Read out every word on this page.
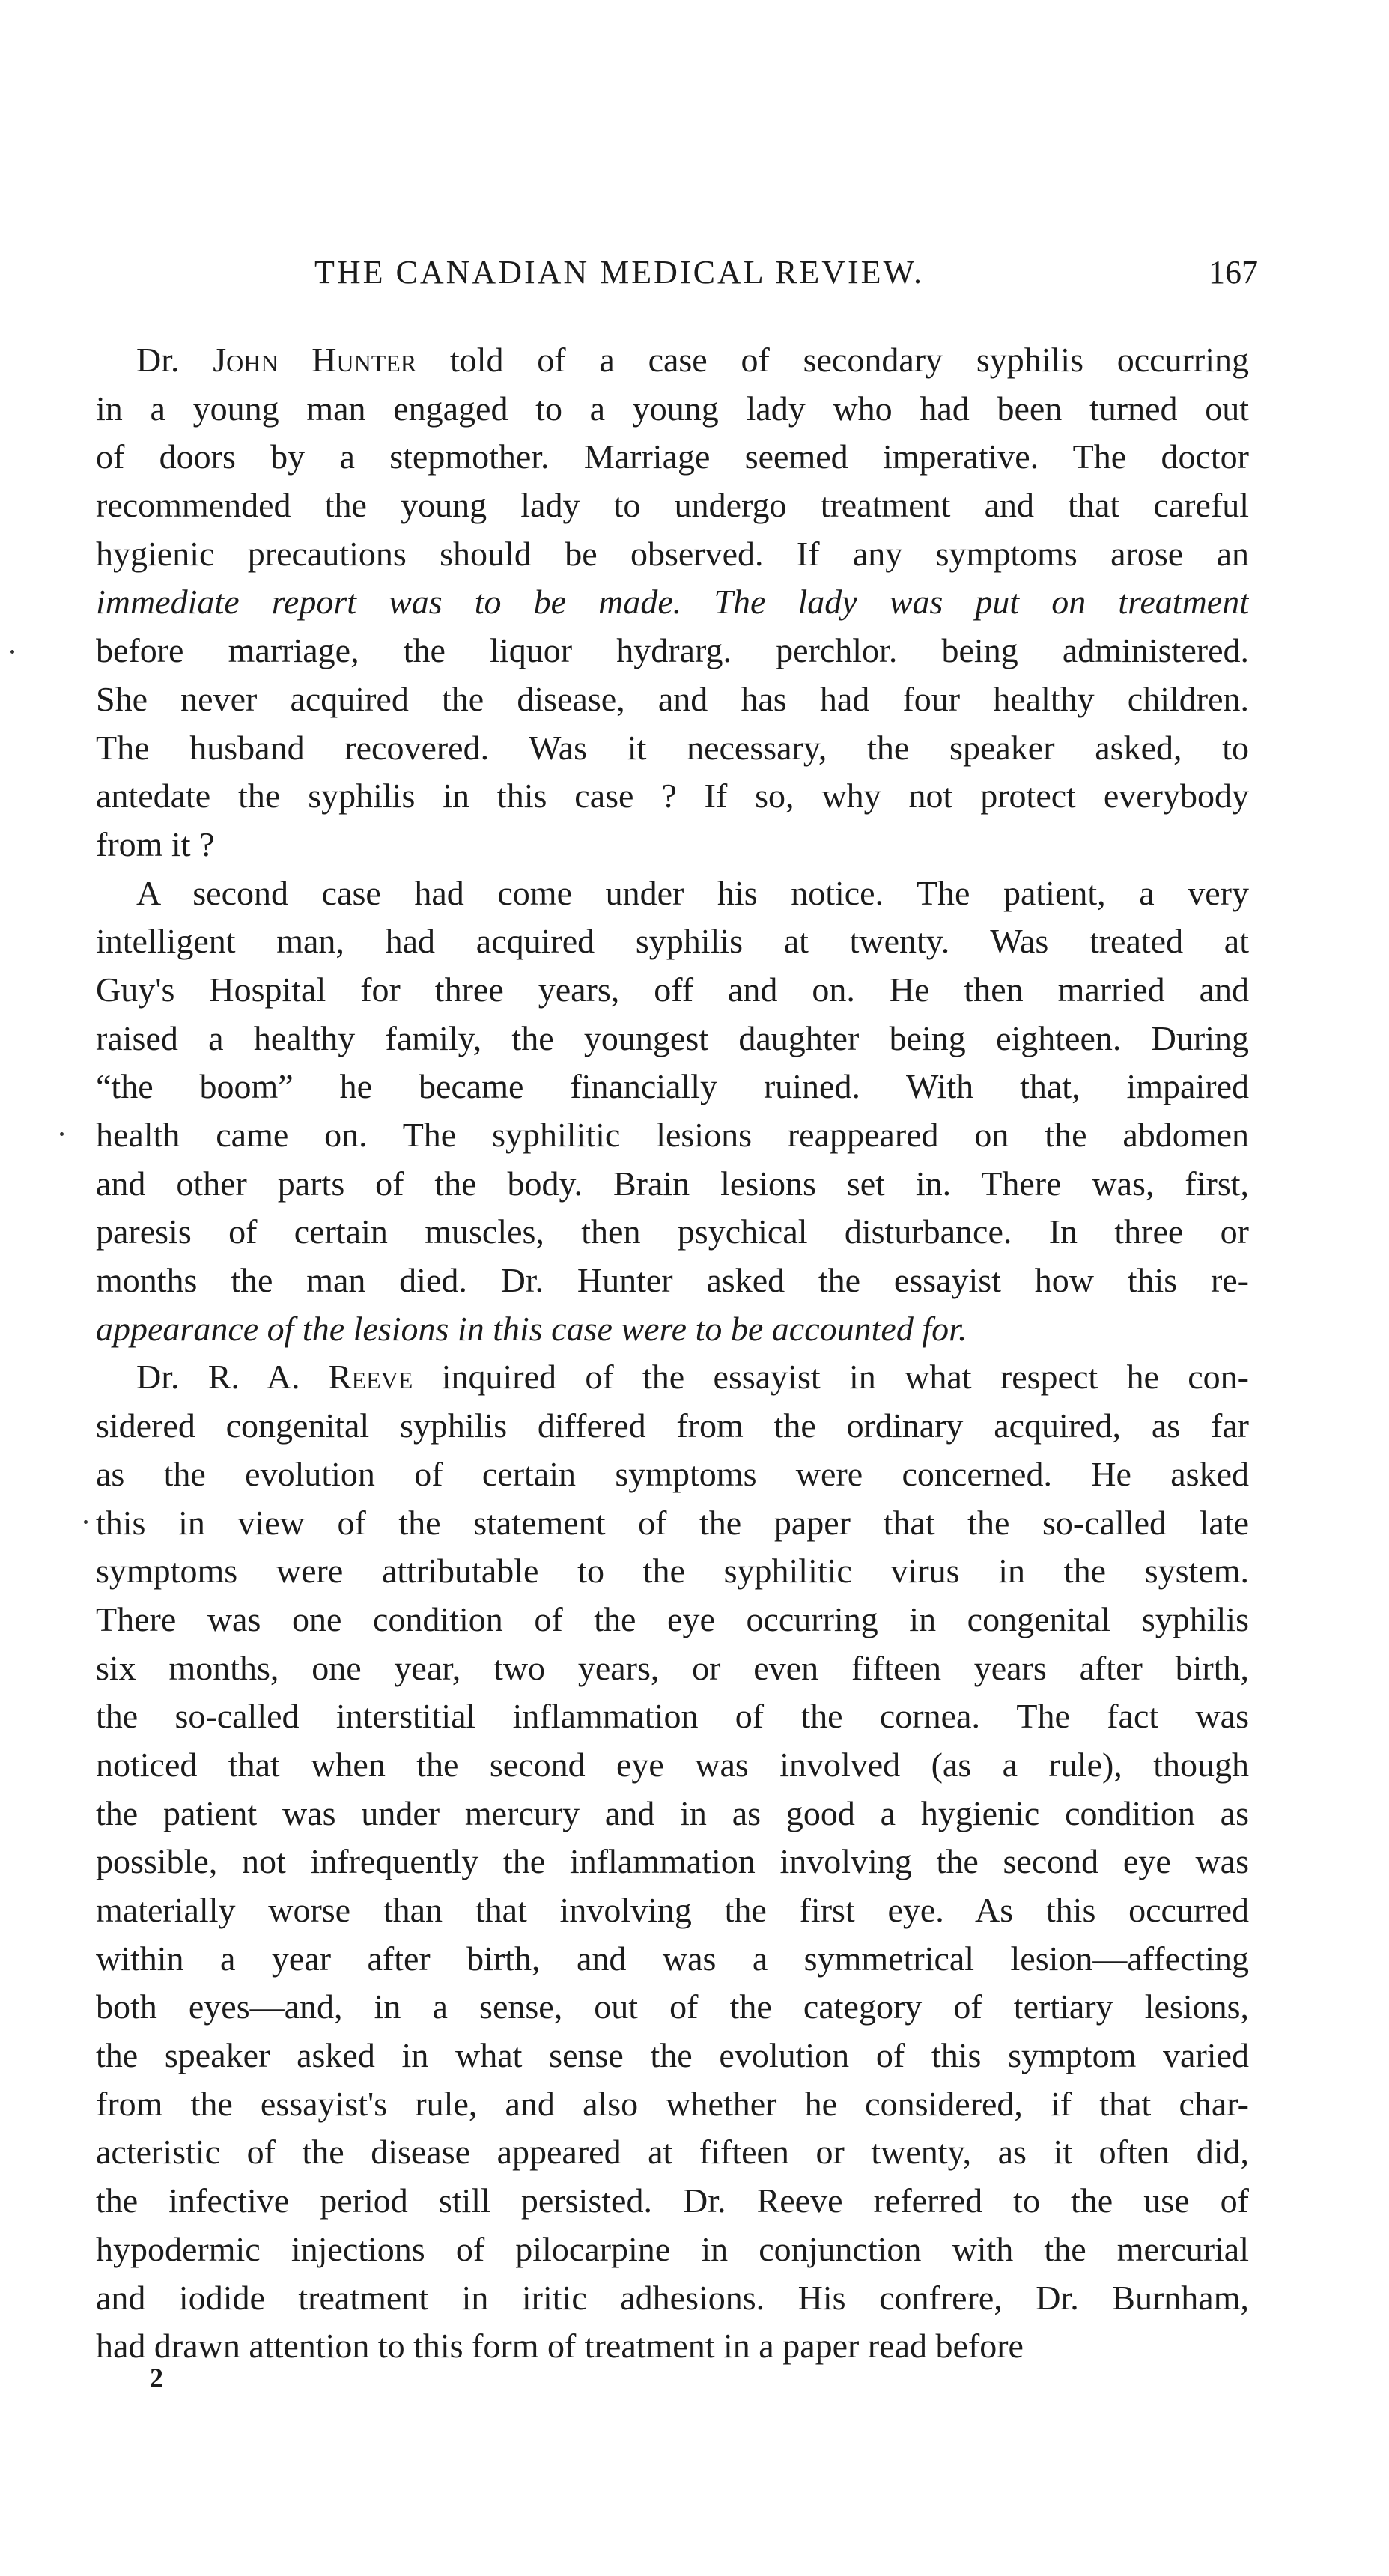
THE CANADIAN MEDICAL REVIEW.	167
Dr. John Hunter told of a case of secondary syphilis occurring
in a young man engaged to a young lady who had been turned out
of doors by a stepmother. Marriage seemed imperative. The doctor
recommended the young lady to undergo treatment and that careful
hygienic precautions should be observed. If any symptoms arose an
immediate report was to be made. The lady was put on treatment
before marriage, the liquor hydrarg. perchlor. being administered.
She never acquired the disease, and has had four healthy children.
The husband recovered. Was it necessary, the speaker asked, to
antedate the syphilis in this case ? If so, why not protect everybody
from it ?
A second case had come under his notice. The patient, a very
intelligent man, had acquired syphilis at twenty. Was treated at
Guy's Hospital for three years, off and on. He then married and
raised a healthy family, the youngest daughter being eighteen. During
“the boom” he became financially ruined. With that, impaired
health came on. The syphilitic lesions reappeared on the abdomen
and other parts of the body. Brain lesions set in. There was, first,
paresis of certain muscles, then psychical disturbance. In three or
months the man died. Dr. Hunter asked the essayist how this re-
appearance of the lesions in this case were to be accounted for.
Dr. R. A. Reeve inquired of the essayist in what respect he con-
sidered congenital syphilis differed from the ordinary acquired, as far
as the evolution of certain symptoms were concerned. He asked
this in view of the statement of the paper that the so-called late
symptoms were attributable to the syphilitic virus in the system.
There was one condition of the eye occurring in congenital syphilis
six months, one year, two years, or even fifteen years after birth,
the so-called interstitial inflammation of the cornea. The fact was
noticed that when the second eye was involved (as a rule), though
the patient was under mercury and in as good a hygienic condition as
possible, not infrequently the inflammation involving the second eye was
materially worse than that involving the first eye. As this occurred
within a year after birth, and was a symmetrical lesion—affecting
both eyes—and, in a sense, out of the category of tertiary lesions,
the speaker asked in what sense the evolution of this symptom varied
from the essayist's rule, and also whether he considered, if that char-
acteristic of the disease appeared at fifteen or twenty, as it often did,
the infective period still persisted. Dr. Reeve referred to the use of
hypodermic injections of pilocarpine in conjunction with the mercurial
and iodide treatment in iritic adhesions. His confrere, Dr. Burnham,
had drawn attention to this form of treatment in a paper read before
2
